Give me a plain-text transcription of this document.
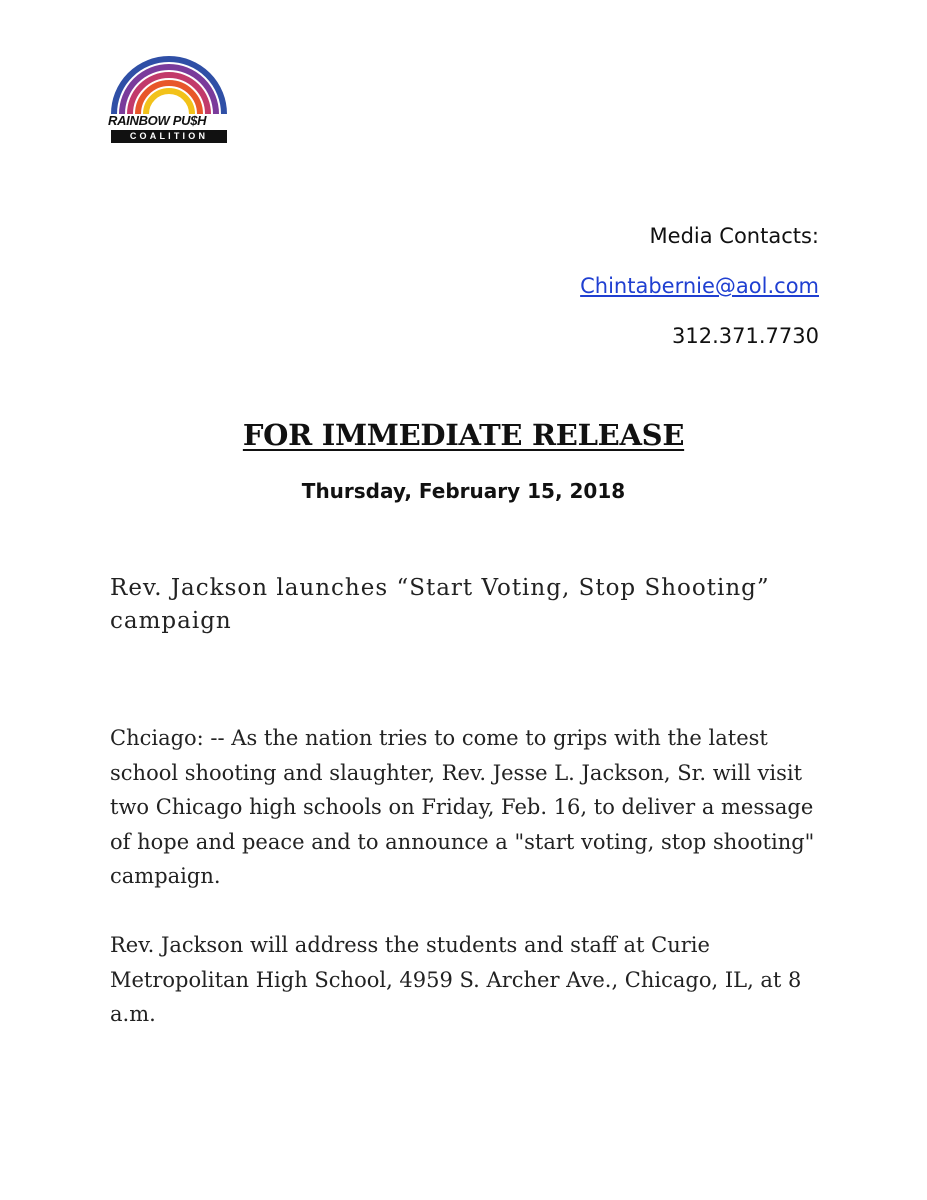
RAINBOW PU$H
COALITION
Media Contacts:
Chintabernie@aol.com
312.371.7730
FOR IMMEDIATE RELEASE
Thursday, February 15, 2018
Rev. Jackson launches “Start Voting, Stop Shooting” campaign
Chciago: -- As the nation tries to come to grips with the latest school shooting and slaughter, Rev. Jesse L. Jackson, Sr. will visit two Chicago high schools on Friday, Feb. 16, to deliver a message of hope and peace and to announce a "start voting, stop shooting" campaign.
Rev. Jackson will address the students and staff at Curie Metropolitan High School, 4959 S. Archer Ave., Chicago, IL, at 8 a.m.
